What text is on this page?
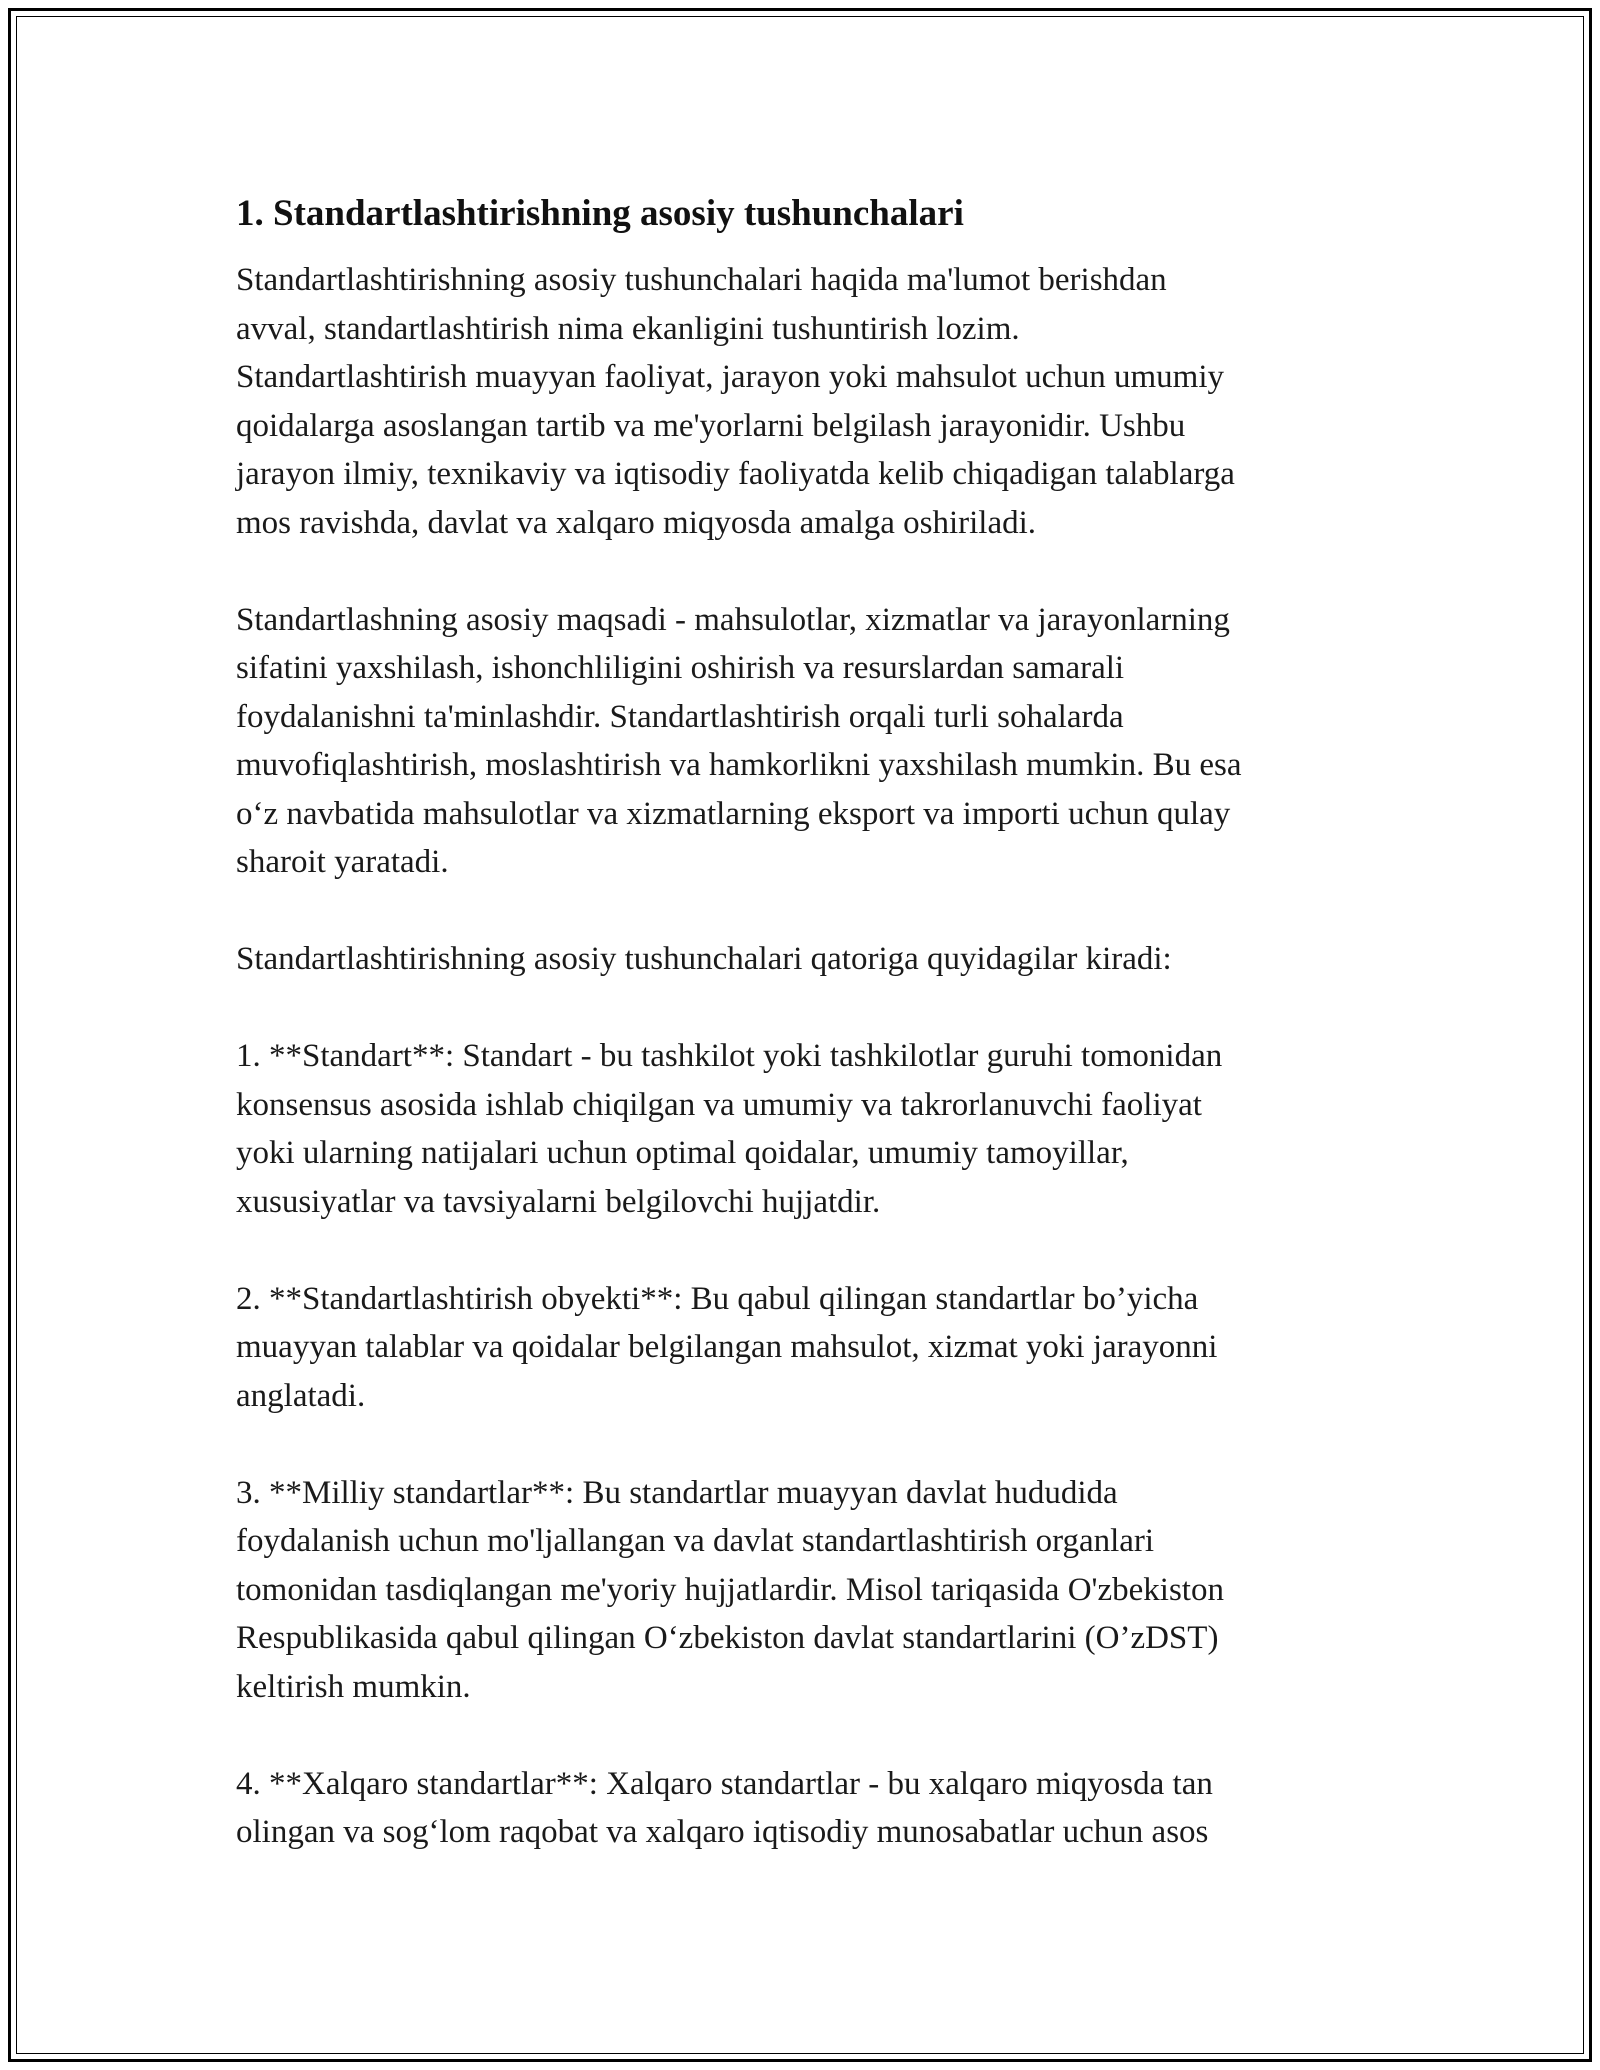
1. Standartlashtirishning asosiy tushunchalari
Standartlashtirishning asosiy tushunchalari haqida ma'lumot berishdan
avval, standartlashtirish nima ekanligini tushuntirish lozim.
Standartlashtirish muayyan faoliyat, jarayon yoki mahsulot uchun umumiy
qoidalarga asoslangan tartib va me'yorlarni belgilash jarayonidir. Ushbu
jarayon ilmiy, texnikaviy va iqtisodiy faoliyatda kelib chiqadigan talablarga
mos ravishda, davlat va xalqaro miqyosda amalga oshiriladi.
Standartlashning asosiy maqsadi - mahsulotlar, xizmatlar va jarayonlarning
sifatini yaxshilash, ishonchliligini oshirish va resurslardan samarali
foydalanishni ta'minlashdir. Standartlashtirish orqali turli sohalarda
muvofiqlashtirish, moslashtirish va hamkorlikni yaxshilash mumkin. Bu esa
o‘z navbatida mahsulotlar va xizmatlarning eksport va importi uchun qulay
sharoit yaratadi.
Standartlashtirishning asosiy tushunchalari qatoriga quyidagilar kiradi:
1. **Standart**: Standart - bu tashkilot yoki tashkilotlar guruhi tomonidan
konsensus asosida ishlab chiqilgan va umumiy va takrorlanuvchi faoliyat
yoki ularning natijalari uchun optimal qoidalar, umumiy tamoyillar,
xususiyatlar va tavsiyalarni belgilovchi hujjatdir.
2. **Standartlashtirish obyekti**: Bu qabul qilingan standartlar bo’yicha
muayyan talablar va qoidalar belgilangan mahsulot, xizmat yoki jarayonni
anglatadi.
3. **Milliy standartlar**: Bu standartlar muayyan davlat hududida
foydalanish uchun mo'ljallangan va davlat standartlashtirish organlari
tomonidan tasdiqlangan me'yoriy hujjatlardir. Misol tariqasida O'zbekiston
Respublikasida qabul qilingan O‘zbekiston davlat standartlarini (O’zDST)
keltirish mumkin.
4. **Xalqaro standartlar**: Xalqaro standartlar - bu xalqaro miqyosda tan
olingan va sog‘lom raqobat va xalqaro iqtisodiy munosabatlar uchun asos
